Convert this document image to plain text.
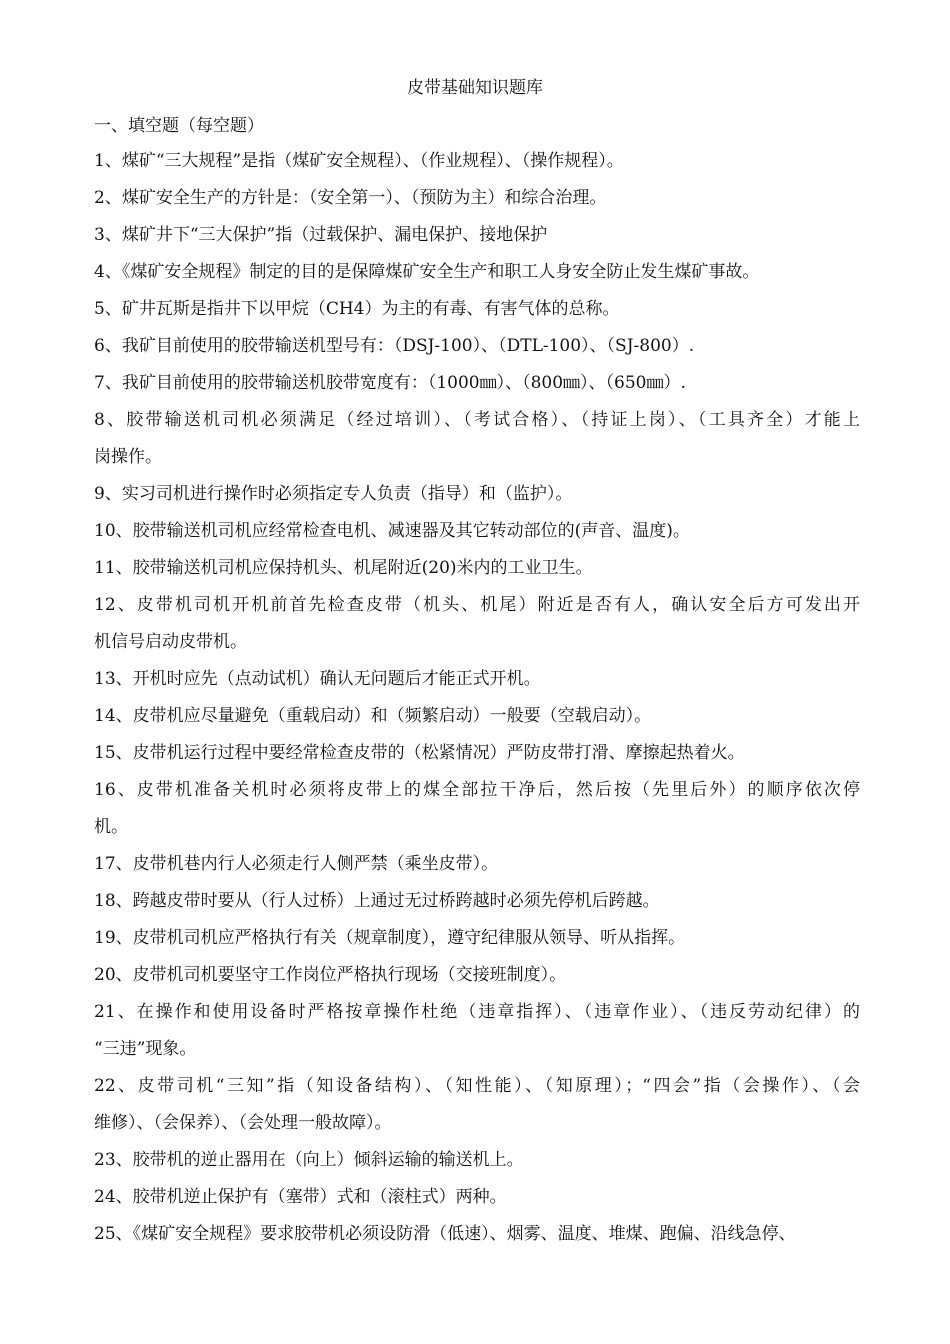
皮带基础知识题库
一、填空题（每空题）
1、煤矿“三大规程”是指（煤矿安全规程）、（作业规程）、（操作规程）。
2、煤矿安全生产的方针是：（安全第一）、（预防为主）和综合治理。
3、煤矿井下“三大保护”指（过载保护、漏电保护、接地保护
4、《煤矿安全规程》制定的目的是保障煤矿安全生产和职工人身安全防止发生煤矿事故。
5、矿井瓦斯是指井下以甲烷（CH4）为主的有毒、有害气体的总称。
6、我矿目前使用的胶带输送机型号有：（DSJ-100）、（DTL-100）、（SJ-800）.
7、我矿目前使用的胶带输送机胶带宽度有：（1000㎜）、（800㎜）、（650㎜）.
8、胶带输送机司机必须满足（经过培训）、（考试合格）、（持证上岗）、（工具齐全）才能上
岗操作。
9、实习司机进行操作时必须指定专人负责（指导）和（监护）。
10、胶带输送机司机应经常检查电机、减速器及其它转动部位的(声音、温度)。
11、胶带输送机司机应保持机头、机尾附近(20)米内的工业卫生。
12、皮带机司机开机前首先检查皮带（机头、机尾）附近是否有人，确认安全后方可发出开
机信号启动皮带机。
13、开机时应先（点动试机）确认无问题后才能正式开机。
14、皮带机应尽量避免（重载启动）和（频繁启动）一般要（空载启动）。
15、皮带机运行过程中要经常检查皮带的（松紧情况）严防皮带打滑、摩擦起热着火。
16、皮带机准备关机时必须将皮带上的煤全部拉干净后，然后按（先里后外）的顺序依次停
机。
17、皮带机巷内行人必须走行人侧严禁（乘坐皮带）。
18、跨越皮带时要从（行人过桥）上通过无过桥跨越时必须先停机后跨越。
19、皮带机司机应严格执行有关（规章制度），遵守纪律服从领导、听从指挥。
20、皮带机司机要坚守工作岗位严格执行现场（交接班制度）。
21、在操作和使用设备时严格按章操作杜绝（违章指挥）、（违章作业）、（违反劳动纪律）的
“三违”现象。
22、皮带司机“三知”指（知设备结构）、（知性能）、（知原理）；“四会”指（会操作）、（会
维修）、（会保养）、（会处理一般故障）。
23、胶带机的逆止器用在（向上）倾斜运输的输送机上。
24、胶带机逆止保护有（塞带）式和（滚柱式）两种。
25、《煤矿安全规程》要求胶带机必须设防滑（低速）、烟雾、温度、堆煤、跑偏、沿线急停、
